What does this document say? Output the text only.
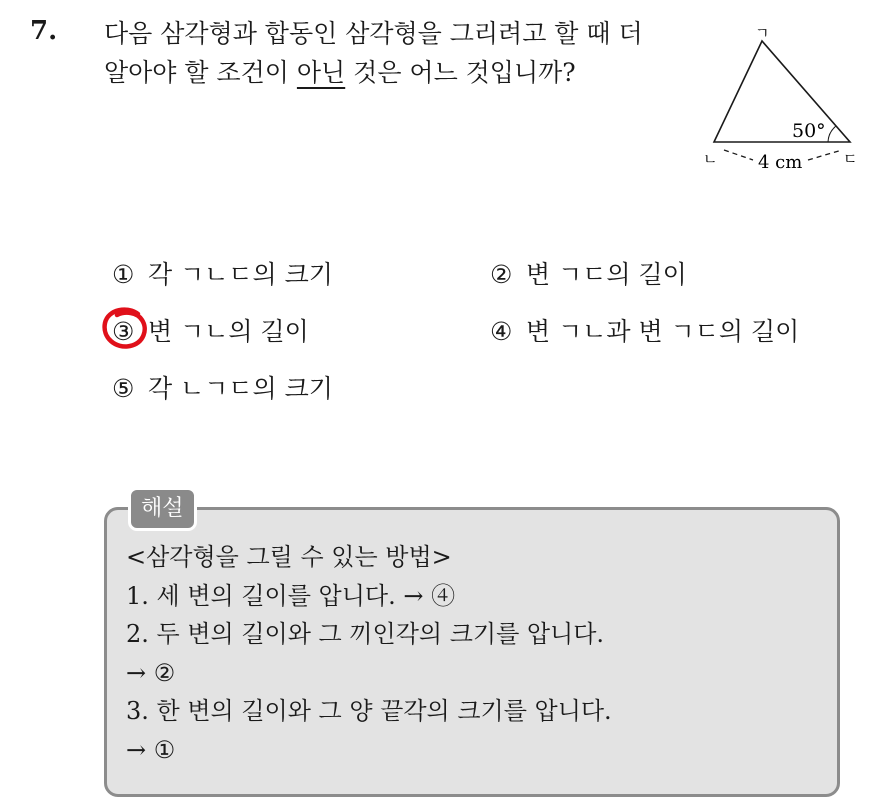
7. 다음 삼각형과 합동인 삼각형을 그리려고 할 때 더
알아야 할 조건이 아닌 것은 어느 것입니까?
ㄱ
ㄴ	ㄷ
50°
4 cm
① 각 ㄱㄴㄷ의 크기	② 변 ㄱㄷ의 길이
③ 변 ㄱㄴ의 길이	④ 변 ㄱㄴ과 변 ㄱㄷ의 길이
⑤ 각 ㄴㄱㄷ의 크기
해설
<삼각형을 그릴 수 있는 방법>
1. 세 변의 길이를 압니다. → ④
2. 두 변의 길이와 그 끼인각의 크기를 압니다.
→ ②
3. 한 변의 길이와 그 양 끝각의 크기를 압니다.
→ ①
